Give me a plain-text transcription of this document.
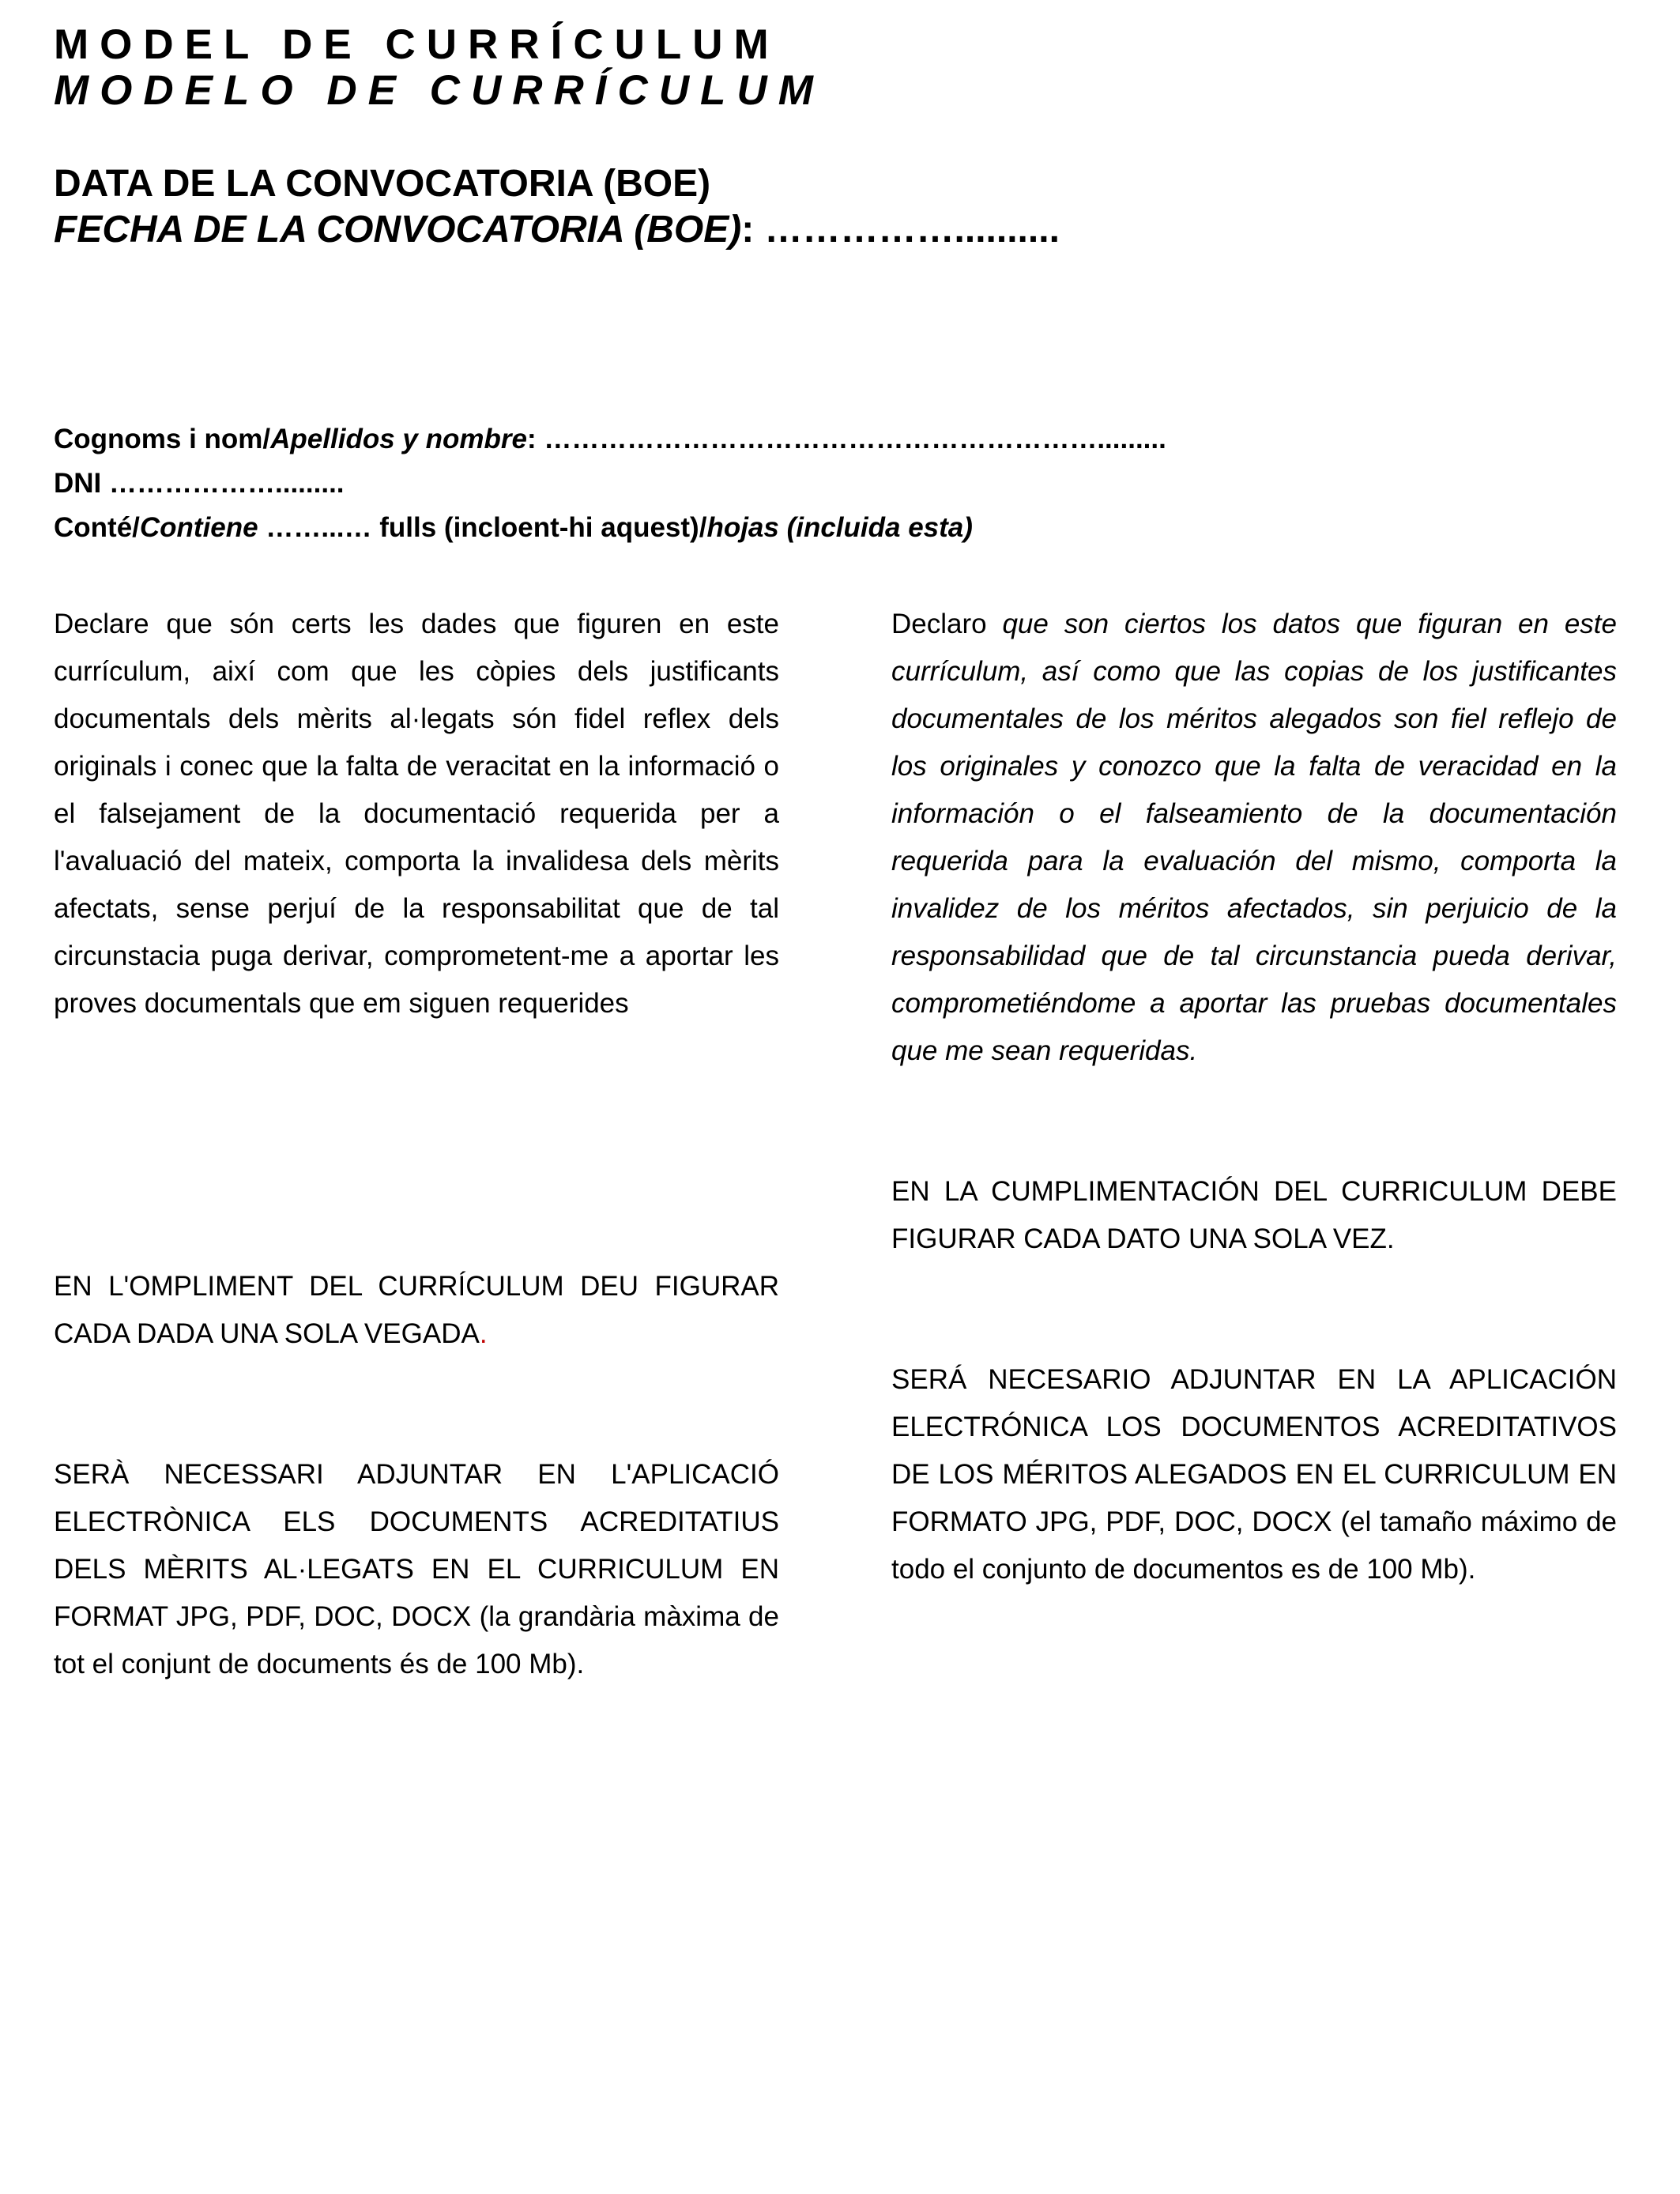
MODEL DE CURRÍCULUM
MODELO DE CURRÍCULUM
DATA DE LA CONVOCATORIA (BOE)
FECHA DE LA CONVOCATORIA (BOE): ……………..........
Cognoms i nom/Apellidos y nombre: …………………………………………………….........
DNI ……………….........
Conté/Contiene ……...… fulls (incloent-hi aquest)/hojas (incluida esta)

Declare que són certs les dades que figuren en este currículum, així com que les còpies dels justificants documentals dels mèrits al·legats són fidel reflex dels originals i conec que la falta de veracitat en la informació o el falsejament de la documentació requerida per a l'avaluació del mateix, comporta la invalidesa dels mèrits afectats, sense perjuí de la responsabilitat que de tal circunstacia puga derivar, comprometent-me a aportar les proves documentals que em siguen requerides

Declaro que son ciertos los datos que figuran en este currículum, así como que las copias de los justificantes documentales de los méritos alegados son fiel reflejo de los originales y conozco que la falta de veracidad en la información o el falseamiento de la documentación requerida para la evaluación del mismo, comporta la invalidez de los méritos afectados, sin perjuicio de la responsabilidad que de tal circunstancia pueda derivar, comprometiéndome a aportar las pruebas documentales que me sean requeridas.

EN LA CUMPLIMENTACIÓN DEL CURRICULUM DEBE FIGURAR CADA DATO UNA SOLA VEZ.

EN L'OMPLIMENT DEL CURRÍCULUM DEU FIGURAR CADA DADA UNA SOLA VEGADA.

SERÁ NECESARIO ADJUNTAR EN LA APLICACIÓN ELECTRÓNICA LOS DOCUMENTOS ACREDITATIVOS DE LOS MÉRITOS ALEGADOS EN EL CURRICULUM EN FORMATO JPG, PDF, DOC, DOCX (el tamaño máximo de todo el conjunto de documentos es de 100 Mb).

SERÀ NECESSARI ADJUNTAR EN L'APLICACIÓ ELECTRÒNICA ELS DOCUMENTS ACREDITATIUS DELS MÈRITS AL·LEGATS EN EL CURRICULUM EN FORMAT JPG, PDF, DOC, DOCX (la grandària màxima de tot el conjunt de documents és de 100 Mb).
